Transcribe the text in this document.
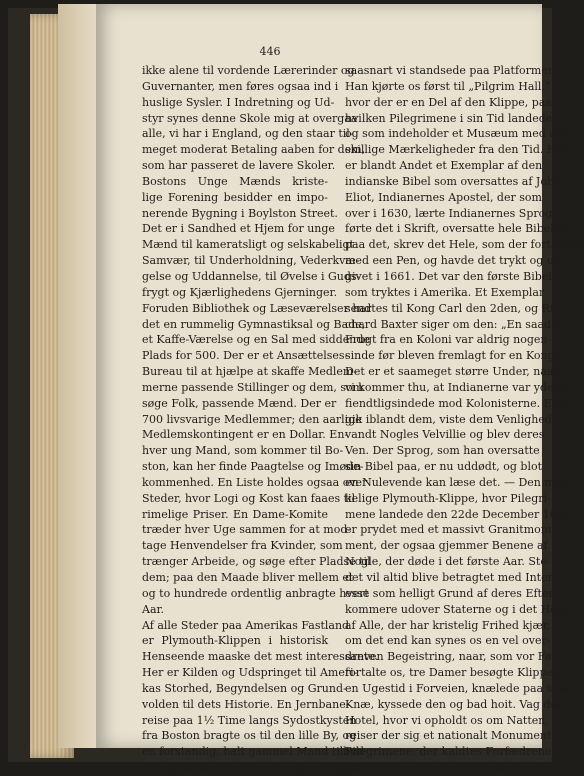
446
ikke alene til vordende Lærerinder og
Guvernanter, men føres ogsaa ind i
huslige Sysler. I Indretning og Ud-
styr synes denne Skole mig at overgaa
alle, vi har i England, og den staar til-
meget moderat Betaling aaben for dem,
som har passeret de lavere Skoler.
Bostons Unge Mænds kriste-
lige Forening besidder en impo-
nerende Bygning i Boylston Street.
Det er i Sandhed et Hjem for unge
Mænd til kameratsligt og selskabeligt
Samvær, til Underholdning, Vederkvæ-
gelse og Uddannelse, til Øvelse i Guds-
frygt og Kjærlighedens Gjerninger.
Foruden Bibliothek og Læseværelser har
det en rummelig Gymnastiksal og Bade,
et Kaffe-Værelse og en Sal med siddende
Plads for 500. Der er et Ansættelses-
Bureau til at hjælpe at skaffe Medlem-
merne passende Stillinger og dem, som
søge Folk, passende Mænd. Der er
700 livsvarige Medlemmer; den aarlige
Medlemskontingent er en Dollar. En-
hver ung Mand, som kommer til Bo-
ston, kan her finde Paagtelse og Imøde-
kommenhed. En Liste holdes ogsaa over
Steder, hvor Logi og Kost kan faaes til
rimelige Priser. En Dame-Komite
træder hver Uge sammen for at mod-
tage Henvendelser fra Kvinder, som
trænger Arbeide, og søge efter Pladse til
dem; paa den Maade bliver mellem et
og to hundrede ordentlig anbragte hvert
Aar.
Af alle Steder paa Amerikas Fastland
er Plymouth-Klippen i historisk
Henseende maaske det mest interessante.
Her er Kilden og Udspringet til Ameri-
kas Storhed, Begyndelsen og Grund-
volden til dets Historie. En Jernbane-
reise paa 1½ Time langs Sydostkysten
fra Boston bragte os til den lille By, og
en forstandig, halt gammel Mand tilbød
sin Tjeneste som vor Kusk og Ledsager,
saasnart vi standsede paa Platformen.
Han kjørte os først til „Pilgrim Hall,“
hvor der er en Del af den Klippe, paa
hvilken Pilegrimene i sin Tid landede,
og som indeholder et Musæum med ad-
skillige Mærkeligheder fra den Tid. Her
er blandt Andet et Exemplar af den
indianske Bibel som oversattes af John
Eliot, Indianernes Apostel, der som
over i 1630, lærte Indianernes Sprog,
førte det i Skrift, oversatte hele Bibelen
paa det, skrev det Hele, som der fortælles,
med een Pen, og havde det trykt og ud-
givet i 1661. Det var den første Bibel,
som tryktes i Amerika. Et Exemplar
sendtes til Kong Carl den 2den, og Ri-
chard Baxter siger om den: „En saadan
Frugt fra en Koloni var aldrig nogen-
sinde før bleven fremlagt for en Konge.“
Det er et saameget større Under, naar
vi kommer thu, at Indianerne var yderst
fiendtligsindede mod Kolonisterne. Eliot
gik iblandt dem, viste dem Venlighed,
vandt Nogles Velvillie og blev deres
Ven. Der Sprog, som han oversatte
sin Bibel paa, er nu uddødt, og blot
en Nulevende kan læse det. — Den mær-
kelige Plymouth-Klippe, hvor Pilegri-
mene landede den 22de December 1620,
er prydet med et massivt Granitmonu-
ment, der ogsaa gjemmer Benene af
Nogle, der døde i det første Aar. Ste-
det vil altid blive betragtet med Inter-
esse som helligt Grund af deres Efter-
kommere udover Staterne og i det Hele
af Alle, der har kristelig Frihed kjær,
om det end kan synes os en vel over-
dreven Begeistring, naar, som vor Fører
fortalte os, tre Damer besøgte Klippen
en Ugestid i Forveien, knælede paa sine
Knæ, kyssede den og bad hoit. Vag det
Hotel, hvor vi opholdt os om Natten,
reiser der sig et nationalt Monument for
Pilegrimene; der kaldtes Forfædrenes
Monument. Paa et Fodstykke af Gra-
